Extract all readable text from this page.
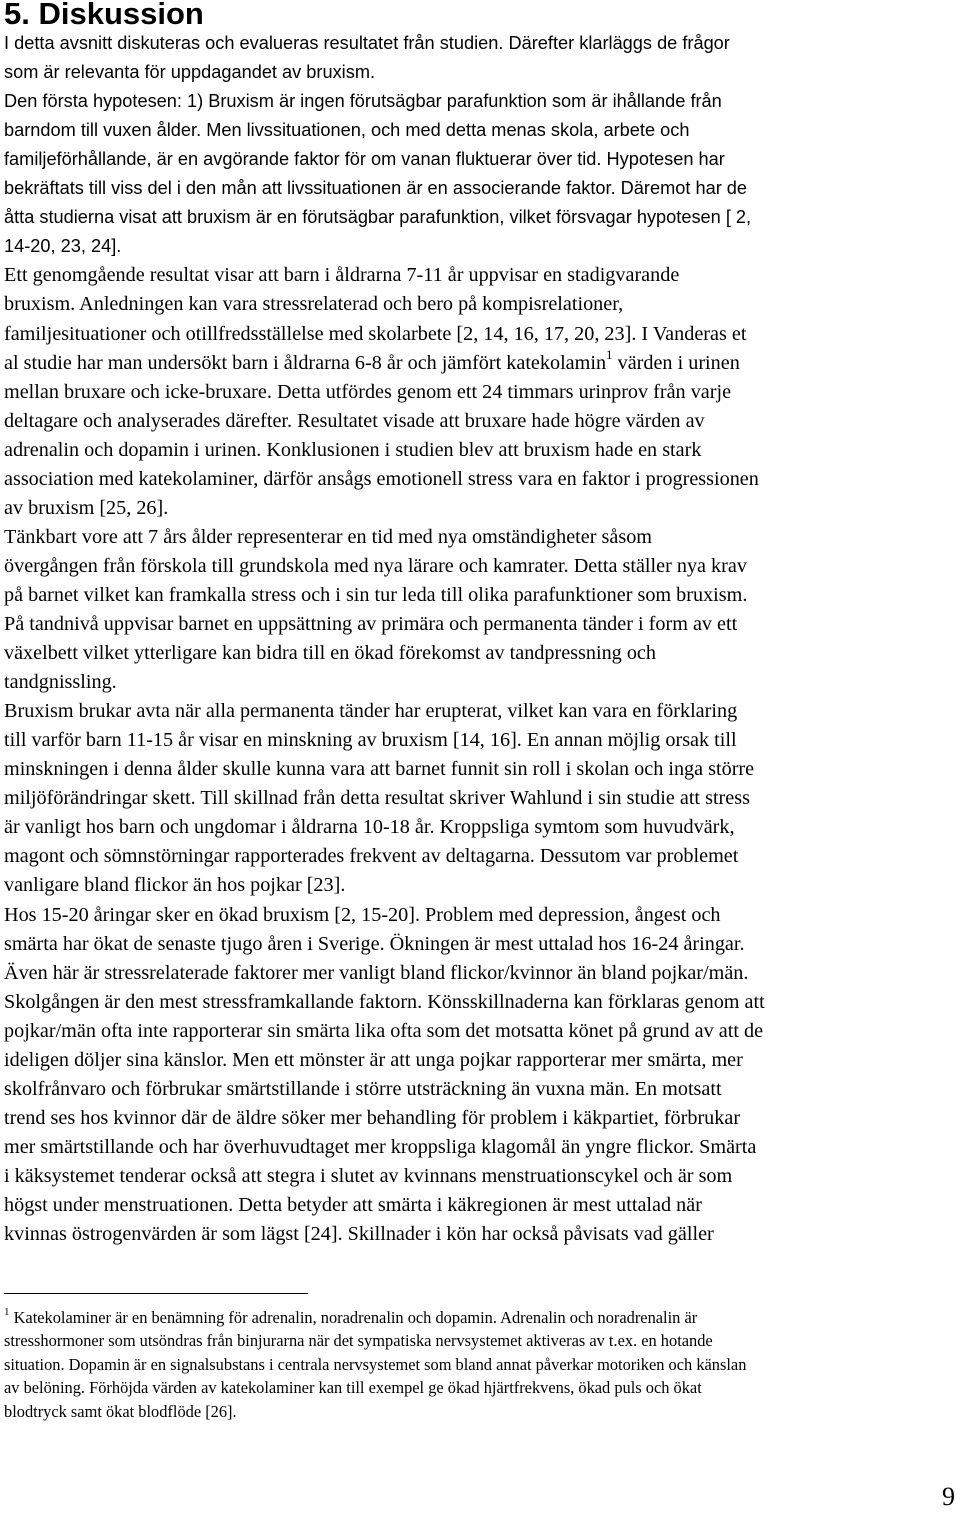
5. Diskussion

I detta avsnitt diskuteras och evalueras resultatet från studien. Därefter klarläggs de frågor

som är relevanta för uppdagandet av bruxism.

Den första hypotesen: 1) Bruxism är ingen förutsägbar parafunktion som är ihållande från

barndom till vuxen ålder. Men livssituationen, och med detta menas skola, arbete och

familjeförhållande, är en avgörande faktor för om vanan fluktuerar över tid. Hypotesen har

bekräftats till viss del i den mån att livssituationen är en associerande faktor. Däremot har de

åtta studierna visat att bruxism är en förutsägbar parafunktion, vilket försvagar hypotesen [ 2,

14-20, 23, 24].

Ett genomgående resultat visar att barn i åldrarna 7-11 år uppvisar en stadigvarande

bruxism. Anledningen kan vara stressrelaterad och bero på kompisrelationer,

familjesituationer och otillfredsställelse med skolarbete [2, 14, 16, 17, 20, 23]. I Vanderas et

al studie har man undersökt barn i åldrarna 6-8 år och jämfört katekolamin$^1$ värden i urinen

mellan bruxare och icke-bruxare. Detta utfördes genom ett 24 timmars urinprov från varje

deltagare och analyserades därefter. Resultatet visade att bruxare hade högre värden av

adrenalin och dopamin i urinen. Konklusionen i studien blev att bruxism hade en stark

association med katekolaminer, därför ansågs emotionell stress vara en faktor i progressionen

av bruxism [25, 26].

Tänkbart vore att 7 års ålder representerar en tid med nya omständigheter såsom

övergången från förskola till grundskola med nya lärare och kamrater. Detta ställer nya krav

på barnet vilket kan framkalla stress och i sin tur leda till olika parafunktioner som bruxism.

På tandnivå uppvisar barnet en uppsättning av primära och permanenta tänder i form av ett

växelbett vilket ytterligare kan bidra till en ökad förekomst av tandpressning och

tandgnissling.

Bruxism brukar avta när alla permanenta tänder har erupterat, vilket kan vara en förklaring

till varför barn 11-15 år visar en minskning av bruxism [14, 16]. En annan möjlig orsak till

minskningen i denna ålder skulle kunna vara att barnet funnit sin roll i skolan och inga större

miljöförändringar skett. Till skillnad från detta resultat skriver Wahlund i sin studie att stress

är vanligt hos barn och ungdomar i åldrarna 10-18 år. Kroppsliga symtom som huvudvärk,

magont och sömnstörningar rapporterades frekvent av deltagarna. Dessutom var problemet

vanligare bland flickor än hos pojkar [23].

Hos 15-20 åringar sker en ökad bruxism [2, 15-20]. Problem med depression, ångest och

smärta har ökat de senaste tjugo åren i Sverige. Ökningen är mest uttalad hos 16-24 åringar.

Även här är stressrelaterade faktorer mer vanligt bland flickor/kvinnor än bland pojkar/män.

Skolgången är den mest stressframkallande faktorn. Könsskillnaderna kan förklaras genom att

pojkar/män ofta inte rapporterar sin smärta lika ofta som det motsatta könet på grund av att de

ideligen döljer sina känslor. Men ett mönster är att unga pojkar rapporterar mer smärta, mer

skolfrånvaro och förbrukar smärtstillande i större utsträckning än vuxna män. En motsatt

trend ses hos kvinnor där de äldre söker mer behandling för problem i käkpartiet, förbrukar

mer smärtstillande och har överhuvudtaget mer kroppsliga klagomål än yngre flickor. Smärta

i käksystemet tenderar också att stegra i slutet av kvinnans menstruationscykel och är som

högst under menstruationen. Detta betyder att smärta i käkregionen är mest uttalad när

kvinnas östrogenvärden är som lägst [24]. Skillnader i kön har också påvisats vad gäller

$^1$ Katekolaminer är en benämning för adrenalin, noradrenalin och dopamin. Adrenalin och noradrenalin är

stresshormoner som utsöndras från binjurarna när det sympatiska nervsystemet aktiveras av t.ex. en hotande

situation. Dopamin är en signalsubstans i centrala nervsystemet som bland annat påverkar motoriken och känslan

av belöning. Förhöjda värden av katekolaminer kan till exempel ge ökad hjärtfrekvens, ökad puls och ökat

blodtryck samt ökat blodflöde [26].

9
